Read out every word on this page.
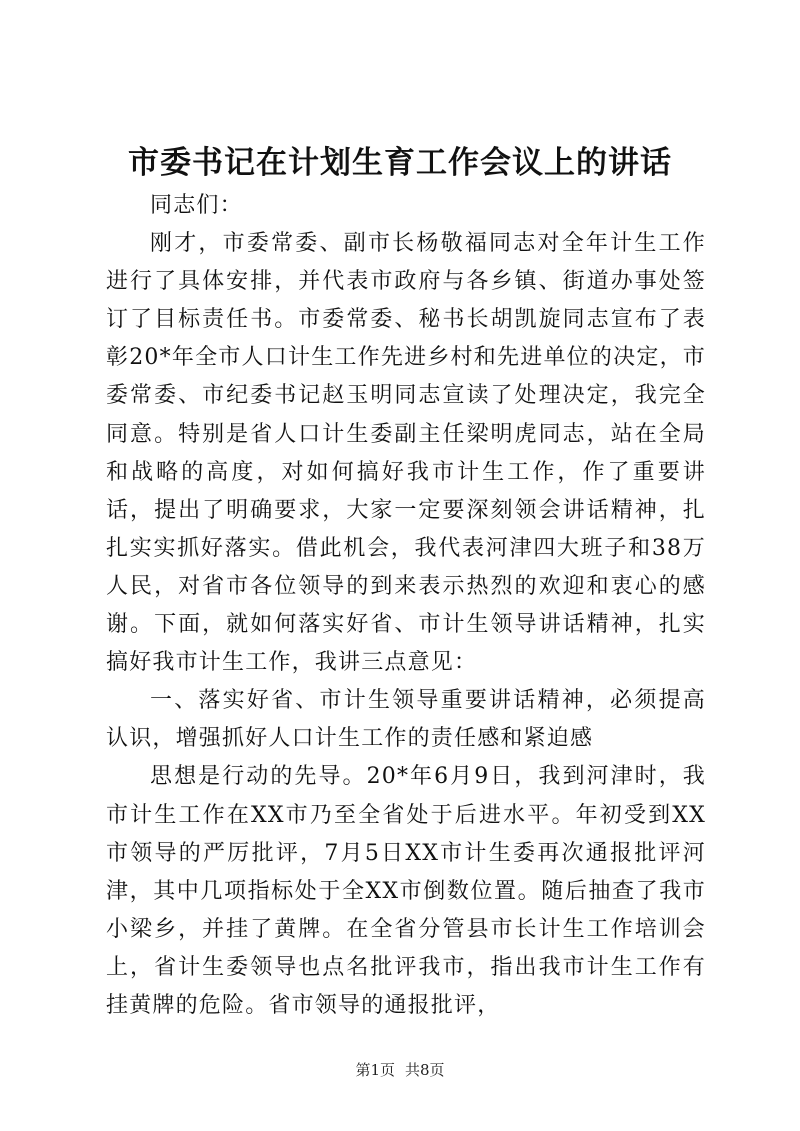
市委书记在计划生育工作会议上的讲话

同志们：

刚才，市委常委、副市长杨敬福同志对全年计生工作进行了具体安排，并代表市政府与各乡镇、街道办事处签订了目标责任书。市委常委、秘书长胡凯旋同志宣布了表彰20*年全市人口计生工作先进乡村和先进单位的决定，市委常委、市纪委书记赵玉明同志宣读了处理决定，我完全同意。特别是省人口计生委副主任梁明虎同志，站在全局和战略的高度，对如何搞好我市计生工作，作了重要讲话，提出了明确要求，大家一定要深刻领会讲话精神，扎扎实实抓好落实。借此机会，我代表河津四大班子和38万人民，对省市各位领导的到来表示热烈的欢迎和衷心的感谢。下面，就如何落实好省、市计生领导讲话精神，扎实搞好我市计生工作，我讲三点意见：

一、落实好省、市计生领导重要讲话精神，必须提高认识，增强抓好人口计生工作的责任感和紧迫感

思想是行动的先导。20*年6月9日，我到河津时，我市计生工作在XX市乃至全省处于后进水平。年初受到XX市领导的严厉批评，7月5日XX市计生委再次通报批评河津，其中几项指标处于全XX市倒数位置。随后抽查了我市小梁乡，并挂了黄牌。在全省分管县市长计生工作培训会上，省计生委领导也点名批评我市，指出我市计生工作有挂黄牌的危险。省市领导的通报批评，

第1页 共8页
